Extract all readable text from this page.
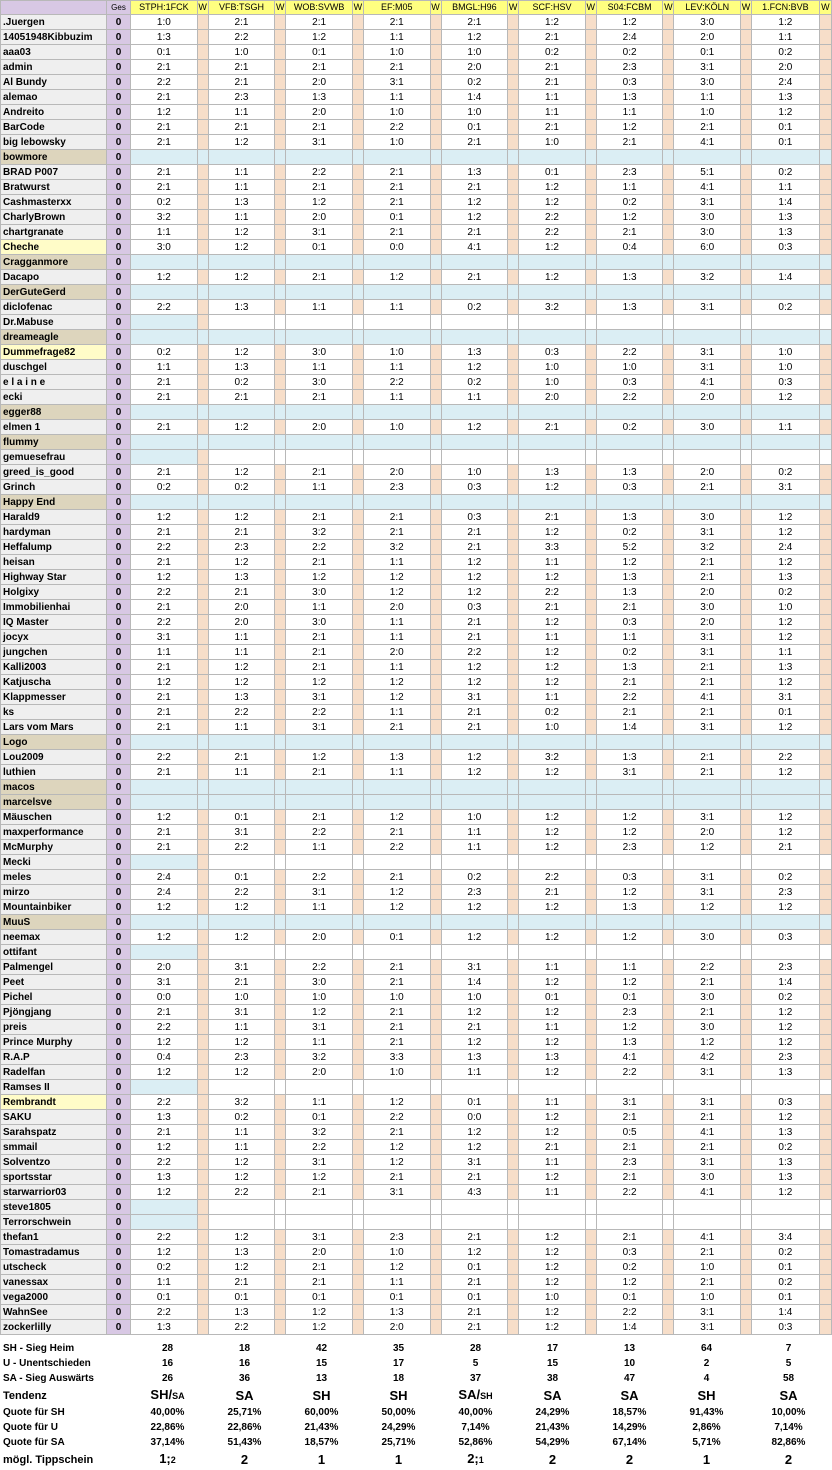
	Ges	STPH:1FCK	W	VFB:TSGH	W	WOB:SVWB	W	EF:M05	W	BMGL:H96	W	SCF:HSV	W	S04:FCBM	W	LEV:KÖLN	W	1.FCN:BVB	W
.Juergen	0	1:0		2:1		2:1		2:1		2:1		1:2		1:2		3:0		1:2	
14051948Kibbuzim	0	1:3		2:2		1:2		1:1		1:2		2:1		2:4		2:0		1:1	
aaa03	0	0:1		1:0		0:1		1:0		1:0		0:2		0:2		0:1		0:2	
admin	0	2:1		2:1		2:1		2:1		2:0		2:1		2:3		3:1		2:0	
Al Bundy	0	2:2		2:1		2:0		3:1		0:2		2:1		0:3		3:0		2:4	
alemao	0	2:1		2:3		1:3		1:1		1:4		1:1		1:3		1:1		1:3	
Andreito	0	1:2		1:1		2:0		1:0		1:0		1:1		1:1		1:0		1:2	
BarCode	0	2:1		2:1		2:1		2:2		0:1		2:1		1:2		2:1		0:1	
big lebowsky	0	2:1		1:2		3:1		1:0		2:1		1:0		2:1		4:1		0:1	
bowmore	0																		
BRAD P007	0	2:1		1:1		2:2		2:1		1:3		0:1		2:3		5:1		0:2	
Bratwurst	0	2:1		1:1		2:1		2:1		2:1		1:2		1:1		4:1		1:1	
Cashmasterxx	0	0:2		1:3		1:2		2:1		1:2		1:2		0:2		3:1		1:4	
CharlyBrown	0	3:2		1:1		2:0		0:1		1:2		2:2		1:2		3:0		1:3	
chartgranate	0	1:1		1:2		3:1		2:1		2:1		2:2		2:1		3:0		1:3	
Cheche	0	3:0		1:2		0:1		0:0		4:1		1:2		0:4		6:0		0:3	
Cragganmore	0																		
Dacapo	0	1:2		1:2		2:1		1:2		2:1		1:2		1:3		3:2		1:4	
DerGuteGerd	0																		
diclofenac	0	2:2		1:3		1:1		1:1		0:2		3:2		1:3		3:1		0:2	
Dr.Mabuse	0																		
dreameagle	0																		
Dummefrage82	0	0:2		1:2		3:0		1:0		1:3		0:3		2:2		3:1		1:0	
duschgel	0	1:1		1:3		1:1		1:1		1:2		1:0		1:0		3:1		1:0	
e l a i n e	0	2:1		0:2		3:0		2:2		0:2		1:0		0:3		4:1		0:3	
ecki	0	2:1		2:1		2:1		1:1		1:1		2:0		2:2		2:0		1:2	
egger88	0																		
elmen 1	0	2:1		1:2		2:0		1:0		1:2		2:1		0:2		3:0		1:1	
flummy	0																		
gemuesefrau	0																		
greed_is_good	0	2:1		1:2		2:1		2:0		1:0		1:3		1:3		2:0		0:2	
Grinch	0	0:2		0:2		1:1		2:3		0:3		1:2		0:3		2:1		3:1	
Happy End	0																		
Harald9	0	1:2		1:2		2:1		2:1		0:3		2:1		1:3		3:0		1:2	
hardyman	0	2:1		2:1		3:2		2:1		2:1		1:2		0:2		3:1		1:2	
Heffalump	0	2:2		2:3		2:2		3:2		2:1		3:3		5:2		3:2		2:4	
heisan	0	2:1		1:2		2:1		1:1		1:2		1:1		1:2		2:1		1:2	
Highway Star	0	1:2		1:3		1:2		1:2		1:2		1:2		1:3		2:1		1:3	
Holgixy	0	2:2		2:1		3:0		1:2		1:2		2:2		1:3		2:0		0:2	
Immobilienhai	0	2:1		2:0		1:1		2:0		0:3		2:1		2:1		3:0		1:0	
IQ Master	0	2:2		2:0		3:0		1:1		2:1		1:2		0:3		2:0		1:2	
jocyx	0	3:1		1:1		2:1		1:1		2:1		1:1		1:1		3:1		1:2	
jungchen	0	1:1		1:1		2:1		2:0		2:2		1:2		0:2		3:1		1:1	
Kalli2003	0	2:1		1:2		2:1		1:1		1:2		1:2		1:3		2:1		1:3	
Katjuscha	0	1:2		1:2		1:2		1:2		1:2		1:2		2:1		2:1		1:2	
Klappmesser	0	2:1		1:3		3:1		1:2		3:1		1:1		2:2		4:1		3:1	
ks	0	2:1		2:2		2:2		1:1		2:1		0:2		2:1		2:1		0:1	
Lars vom Mars	0	2:1		1:1		3:1		2:1		2:1		1:0		1:4		3:1		1:2	
Logo	0																		
Lou2009	0	2:2		2:1		1:2		1:3		1:2		3:2		1:3		2:1		2:2	
luthien	0	2:1		1:1		2:1		1:1		1:2		1:2		3:1		2:1		1:2	
macos	0																		
marcelsve	0																		
Mäuschen	0	1:2		0:1		2:1		1:2		1:0		1:2		1:2		3:1		1:2	
maxperformance	0	2:1		3:1		2:2		2:1		1:1		1:2		1:2		2:0		1:2	
McMurphy	0	2:1		2:2		1:1		2:2		1:1		1:2		2:3		1:2		2:1	
Mecki	0																		
meles	0	2:4		0:1		2:2		2:1		0:2		2:2		0:3		3:1		0:2	
mirzo	0	2:4		2:2		3:1		1:2		2:3		2:1		1:2		3:1		2:3	
Mountainbiker	0	1:2		1:2		1:1		1:2		1:2		1:2		1:3		1:2		1:2	
MuuS	0																		
neemax	0	1:2		1:2		2:0		0:1		1:2		1:2		1:2		3:0		0:3	
ottifant	0																		
Palmengel	0	2:0		3:1		2:2		2:1		3:1		1:1		1:1		2:2		2:3	
Peet	0	3:1		2:1		3:0		2:1		1:4		1:2		1:2		2:1		1:4	
Pichel	0	0:0		1:0		1:0		1:0		1:0		0:1		0:1		3:0		0:2	
Pjöngjang	0	2:1		3:1		1:2		2:1		1:2		1:2		2:3		2:1		1:2	
preis	0	2:2		1:1		3:1		2:1		2:1		1:1		1:2		3:0		1:2	
Prince Murphy	0	1:2		1:2		1:1		2:1		1:2		1:2		1:3		1:2		1:2	
R.A.P	0	0:4		2:3		3:2		3:3		1:3		1:3		4:1		4:2		2:3	
Radelfan	0	1:2		1:2		2:0		1:0		1:1		1:2		2:2		3:1		1:3	
Ramses II	0																		
Rembrandt	0	2:2		3:2		1:1		1:2		0:1		1:1		3:1		3:1		0:3	
SAKU	0	1:3		0:2		0:1		2:2		0:0		1:2		2:1		2:1		1:2	
Sarahspatz	0	2:1		1:1		3:2		2:1		1:2		1:2		0:5		4:1		1:3	
smmail	0	1:2		1:1		2:2		1:2		1:2		2:1		2:1		2:1		0:2	
Solventzo	0	2:2		1:2		3:1		1:2		3:1		1:1		2:3		3:1		1:3	
sportsstar	0	1:3		1:2		1:2		2:1		2:1		1:2		2:1		3:0		1:3	
starwarrior03	0	1:2		2:2		2:1		3:1		4:3		1:1		2:2		4:1		1:2	
steve1805	0																		
Terrorschwein	0																		
thefan1	0	2:2		1:2		3:1		2:3		2:1		1:2		2:1		4:1		3:4	
Tomastradamus	0	1:2		1:3		2:0		1:0		1:2		1:2		0:3		2:1		0:2	
utscheck	0	0:2		1:2		2:1		1:2		0:1		1:2		0:2		1:0		0:1	
vanessax	0	1:1		2:1		2:1		1:1		2:1		1:2		1:2		2:1		0:2	
vega2000	0	0:1		0:1		0:1		0:1		0:1		1:0		0:1		1:0		0:1	
WahnSee	0	2:2		1:3		1:2		1:3		2:1		1:2		2:2		3:1		1:4	
zockerlilly	0	1:3		2:2		1:2		2:0		2:1		1:2		1:4		3:1		0:3	
SH - Sieg Heim	28	18	42	35	28	17	13	64	7
U - Unentschieden	16	16	15	17	5	15	10	2	5
SA - Sieg Auswärts	26	36	13	18	37	38	47	4	58
Tendenz	SH/SA	SA	SH	SH	SA/SH	SA	SA	SH	SA
Quote für SH	40,00%	25,71%	60,00%	50,00%	40,00%	24,29%	18,57%	91,43%	10,00%
Quote für U	22,86%	22,86%	21,43%	24,29%	7,14%	21,43%	14,29%	2,86%	7,14%
Quote für SA	37,14%	51,43%	18,57%	25,71%	52,86%	54,29%	67,14%	5,71%	82,86%
mögl. Tippschein	1;2	2	1	1	2;1	2	2	1	2
